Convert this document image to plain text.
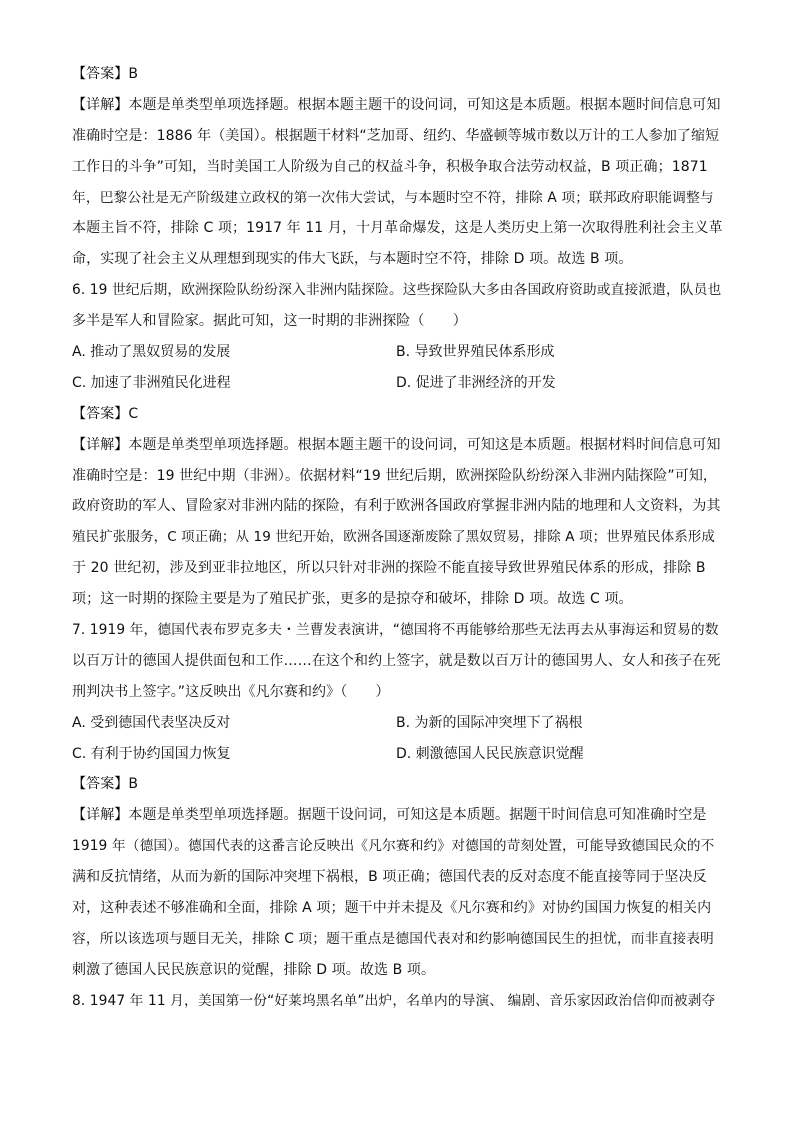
【答案】B
【详解】本题是单类型单项选择题。根据本题主题干的设问词，可知这是本质题。根据本题时间信息可知
准确时空是：1886 年（美国）。根据题干材料“芝加哥、纽约、华盛顿等城市数以万计的工人参加了缩短
工作日的斗争”可知，当时美国工人阶级为自己的权益斗争，积极争取合法劳动权益，B 项正确；1871
年，巴黎公社是无产阶级建立政权的第一次伟大尝试，与本题时空不符，排除 A 项；联邦政府职能调整与
本题主旨不符，排除 C 项；1917 年 11 月，十月革命爆发，这是人类历史上第一次取得胜利社会主义革
命，实现了社会主义从理想到现实的伟大飞跃，与本题时空不符，排除 D 项。故选 B 项。
6. 19 世纪后期，欧洲探险队纷纷深入非洲内陆探险。这些探险队大多由各国政府资助或直接派遣，队员也
多半是军人和冒险家。据此可知，这一时期的非洲探险（　　）
A. 推动了黑奴贸易的发展	B. 导致世界殖民体系形成
C. 加速了非洲殖民化进程	D. 促进了非洲经济的开发
【答案】C
【详解】本题是单类型单项选择题。根据本题主题干的设问词，可知这是本质题。根据材料时间信息可知
准确时空是：19 世纪中期（非洲）。依据材料“19 世纪后期，欧洲探险队纷纷深入非洲内陆探险”可知，
政府资助的军人、冒险家对非洲内陆的探险，有利于欧洲各国政府掌握非洲内陆的地理和人文资料，为其
殖民扩张服务，C 项正确；从 19 世纪开始，欧洲各国逐渐废除了黑奴贸易，排除 A 项；世界殖民体系形成
于 20 世纪初，涉及到亚非拉地区，所以只针对非洲的探险不能直接导致世界殖民体系的形成，排除 B
项；这一时期的探险主要是为了殖民扩张，更多的是掠夺和破坏，排除 D 项。故选 C 项。
7. 1919 年，德国代表布罗克多夫・兰曹发表演讲，“德国将不再能够给那些无法再去从事海运和贸易的数
以百万计的德国人提供面包和工作……在这个和约上签字，就是数以百万计的德国男人、女人和孩子在死
刑判决书上签字。”这反映出《凡尔赛和约》（　　）
A. 受到德国代表坚决反对	B. 为新的国际冲突埋下了祸根
C. 有利于协约国国力恢复	D. 刺激德国人民民族意识觉醒
【答案】B
【详解】本题是单类型单项选择题。据题干设问词，可知这是本质题。据题干时间信息可知准确时空是
1919 年（德国）。德国代表的这番言论反映出《凡尔赛和约》对德国的苛刻处置，可能导致德国民众的不
满和反抗情绪，从而为新的国际冲突埋下祸根，B 项正确；德国代表的反对态度不能直接等同于坚决反
对，这种表述不够准确和全面，排除 A 项；题干中并未提及《凡尔赛和约》对协约国国力恢复的相关内
容，所以该选项与题目无关，排除 C 项；题干重点是德国代表对和约影响德国民生的担忧，而非直接表明
刺激了德国人民民族意识的觉醒，排除 D 项。故选 B 项。
8. 1947 年 11 月，美国第一份“好莱坞黑名单”出炉，名单内的导演、 编剧、音乐家因政治信仰而被剥夺
